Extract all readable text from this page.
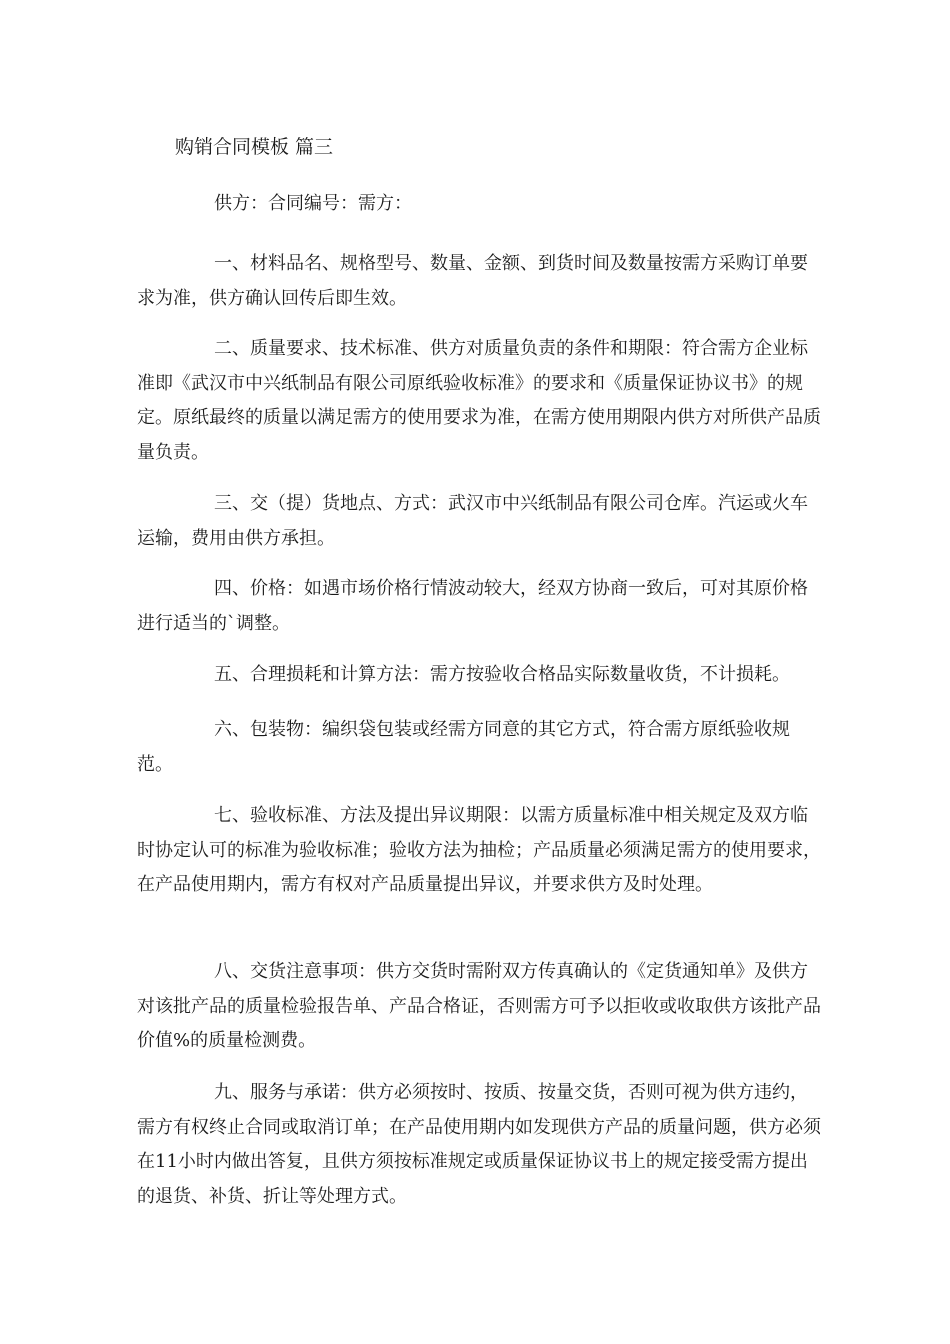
购销合同模板 篇三
供方：合同编号：需方：

一、材料品名、规格型号、数量、金额、到货时间及数量按需方采购订单要求为准，供方确认回传后即生效。

二、质量要求、技术标准、供方对质量负责的条件和期限：符合需方企业标准即《武汉市中兴纸制品有限公司原纸验收标准》的要求和《质量保证协议书》的规定。原纸最终的质量以满足需方的使用要求为准，在需方使用期限内供方对所供产品质量负责。

三、交（提）货地点、方式：武汉市中兴纸制品有限公司仓库。汽运或火车运输，费用由供方承担。

四、价格：如遇市场价格行情波动较大，经双方协商一致后，可对其原价格进行适当的`调整。

五、合理损耗和计算方法：需方按验收合格品实际数量收货，不计损耗。

六、包装物：编织袋包装或经需方同意的其它方式，符合需方原纸验收规范。

七、验收标准、方法及提出异议期限：以需方质量标准中相关规定及双方临时协定认可的标准为验收标准；验收方法为抽检；产品质量必须满足需方的使用要求，在产品使用期内，需方有权对产品质量提出异议，并要求供方及时处理。

八、交货注意事项：供方交货时需附双方传真确认的《定货通知单》及供方对该批产品的质量检验报告单、产品合格证，否则需方可予以拒收或收取供方该批产品价值%的质量检测费。

九、服务与承诺：供方必须按时、按质、按量交货，否则可视为供方违约，需方有权终止合同或取消订单；在产品使用期内如发现供方产品的质量问题，供方必须在11小时内做出答复，且供方须按标准规定或质量保证协议书上的规定接受需方提出的退货、补货、折让等处理方式。
